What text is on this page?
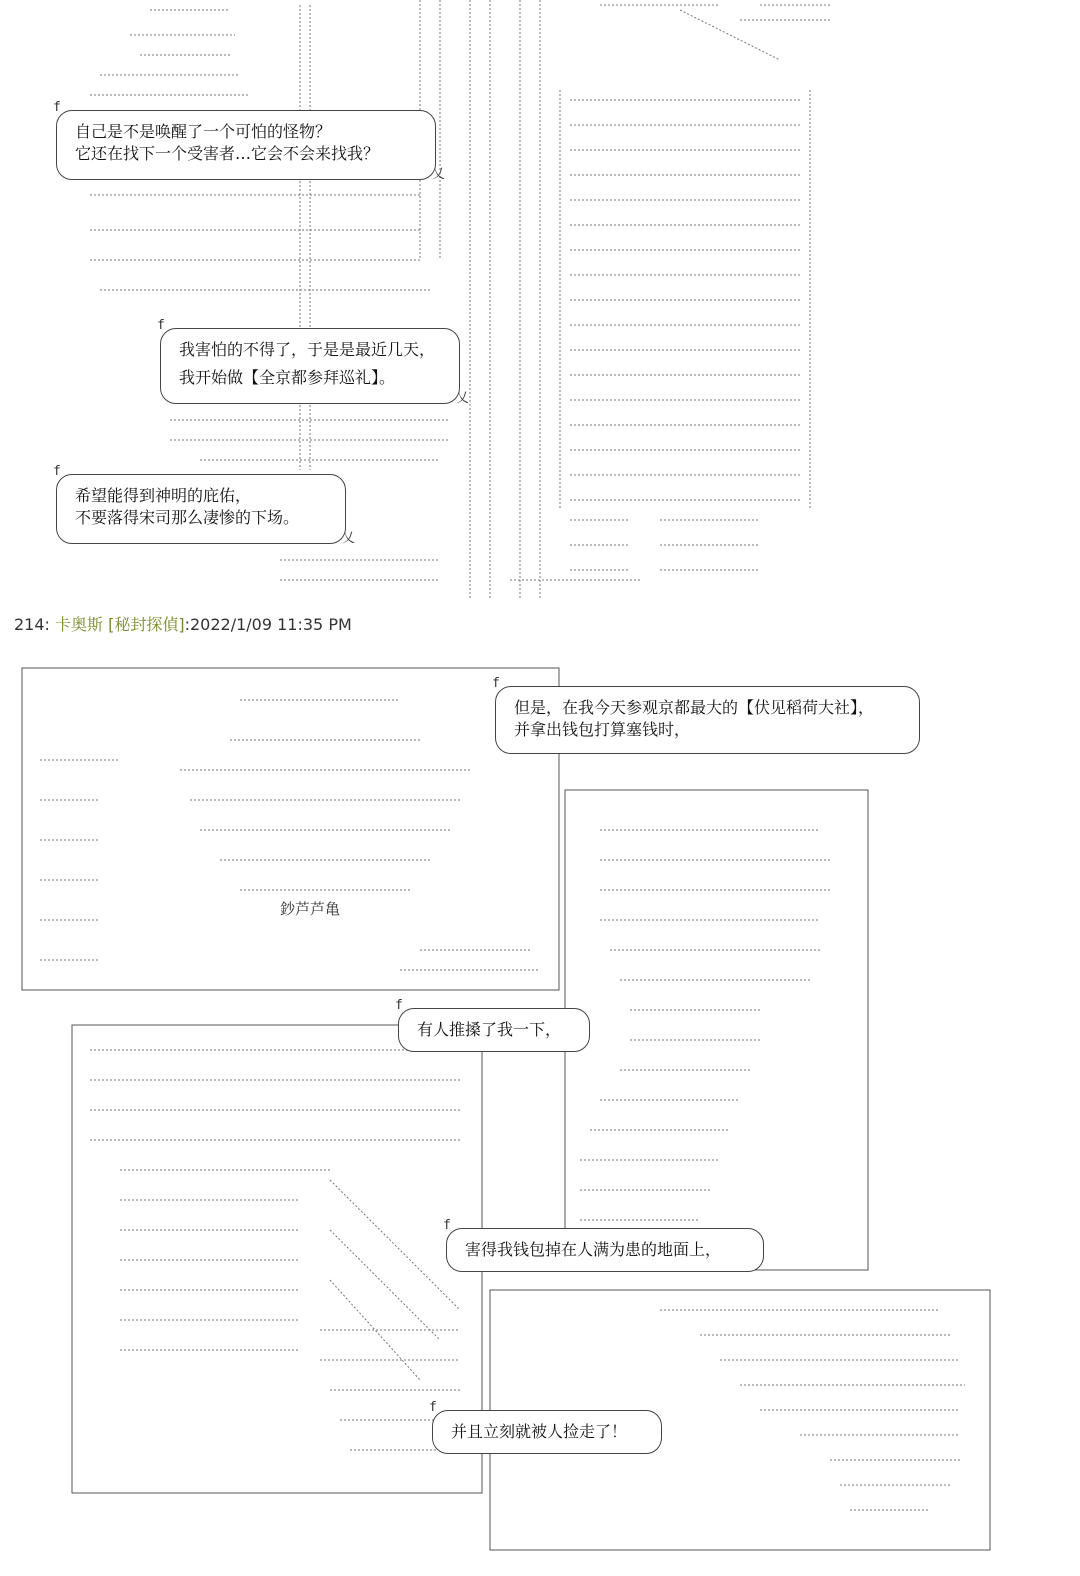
f
自己是不是唤醒了一个可怕的怪物？
它还在找下一个受害者…它会不会来找我？
乂
f
我害怕的不得了，于是是最近几天，
我开始做【全京都参拜巡礼】。
乂
f
希望能得到神明的庇佑，
不要落得宋司那么凄惨的下场。
乂
214: 卡奥斯 [秘封探偵]:2022/1/09 11:35 PM
鈔芦芦亀
f
但是，在我今天参观京都最大的【伏见稻荷大社】，
并拿出钱包打算塞钱时，
f
有人推搡了我一下，
f
害得我钱包掉在人满为患的地面上，
f
并且立刻就被人捡走了！
